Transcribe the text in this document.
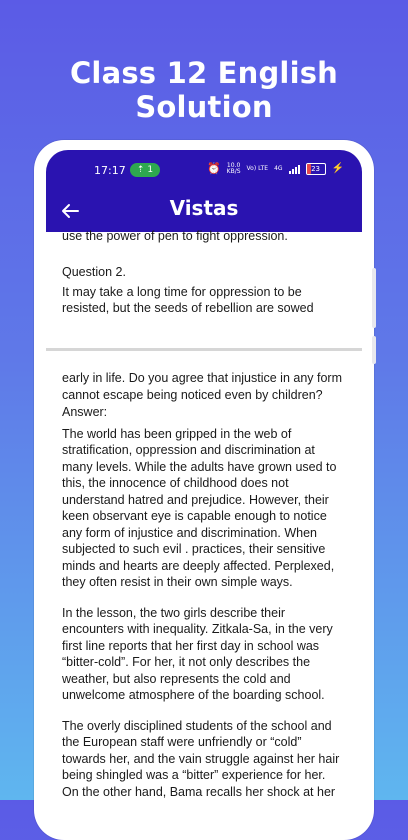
Class 12 English Solution
17:17	⇡ 1	⏰ 10.0
KB/S Vo) LTE 4G	23	⚡
Vistas

use the power of pen to fight oppression.

Question 2.

It may take a long time for oppression to be

resisted, but the seeds of rebellion are sowed

early in life. Do you agree that injustice in any form

cannot escape being noticed even by children?

Answer:

The world has been gripped in the web of

stratification, oppression and discrimination at

many levels. While the adults have grown used to

this, the innocence of childhood does not

understand hatred and prejudice. However, their

keen observant eye is capable enough to notice

any form of injustice and discrimination. When

subjected to such evil . practices, their sensitive

minds and hearts are deeply affected. Perplexed,

they often resist in their own simple ways.

In the lesson, the two girls describe their

encounters with inequality. Zitkala-Sa, in the very

first line reports that her first day in school was

“bitter-cold”. For her, it not only describes the

weather, but also represents the cold and

unwelcome atmosphere of the boarding school.

The overly disciplined students of the school and

the European staff were unfriendly or “cold”

towards her, and the vain struggle against her hair

being shingled was a “bitter” experience for her.

On the other hand, Bama recalls her shock at her
